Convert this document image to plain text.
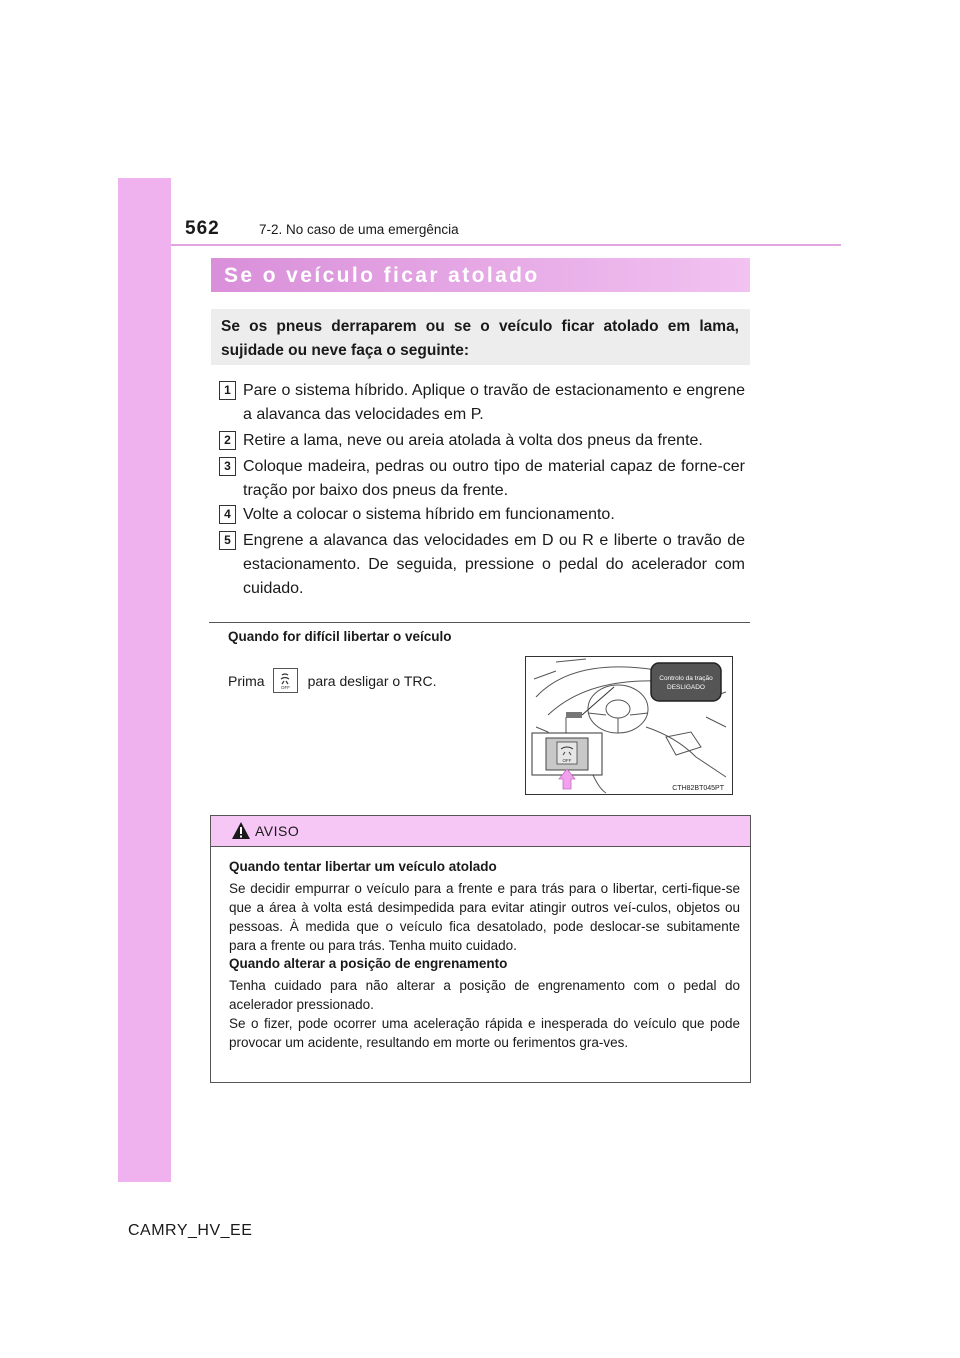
562	7-2. No caso de uma emergência
Se o veículo ficar atolado
Se os pneus derraparem ou se o veículo ficar atolado em lama, sujidade ou neve faça o seguinte:
1 Pare o sistema híbrido. Aplique o travão de estacionamento e engrene a alavanca das velocidades em P.
2 Retire a lama, neve ou areia atolada à volta dos pneus da frente.
3 Coloque madeira, pedras ou outro tipo de material capaz de forne-cer tração por baixo dos pneus da frente.
4 Volte a colocar o sistema híbrido em funcionamento.
5 Engrene a alavanca das velocidades em D ou R e liberte o travão de estacionamento. De seguida, pressione o pedal do acelerador com cuidado.
Quando for difícil libertar o veículo
Prima	OFF para desligar o TRC.	Controlo da tração
DESLIGADO
OFF
CTH82BT045PT
AVISO
Quando tentar libertar um veículo atolado
Se decidir empurrar o veículo para a frente e para trás para o libertar, certi-fique-se que a área à volta está desimpedida para evitar atingir outros veí-culos, objetos ou pessoas. À medida que o veículo fica desatolado, pode deslocar-se subitamente para a frente ou para trás. Tenha muito cuidado.
Quando alterar a posição de engrenamento
Tenha cuidado para não alterar a posição de engrenamento com o pedal do acelerador pressionado.
Se o fizer, pode ocorrer uma aceleração rápida e inesperada do veículo que pode provocar um acidente, resultando em morte ou ferimentos gra-ves.
CAMRY_HV_EE
